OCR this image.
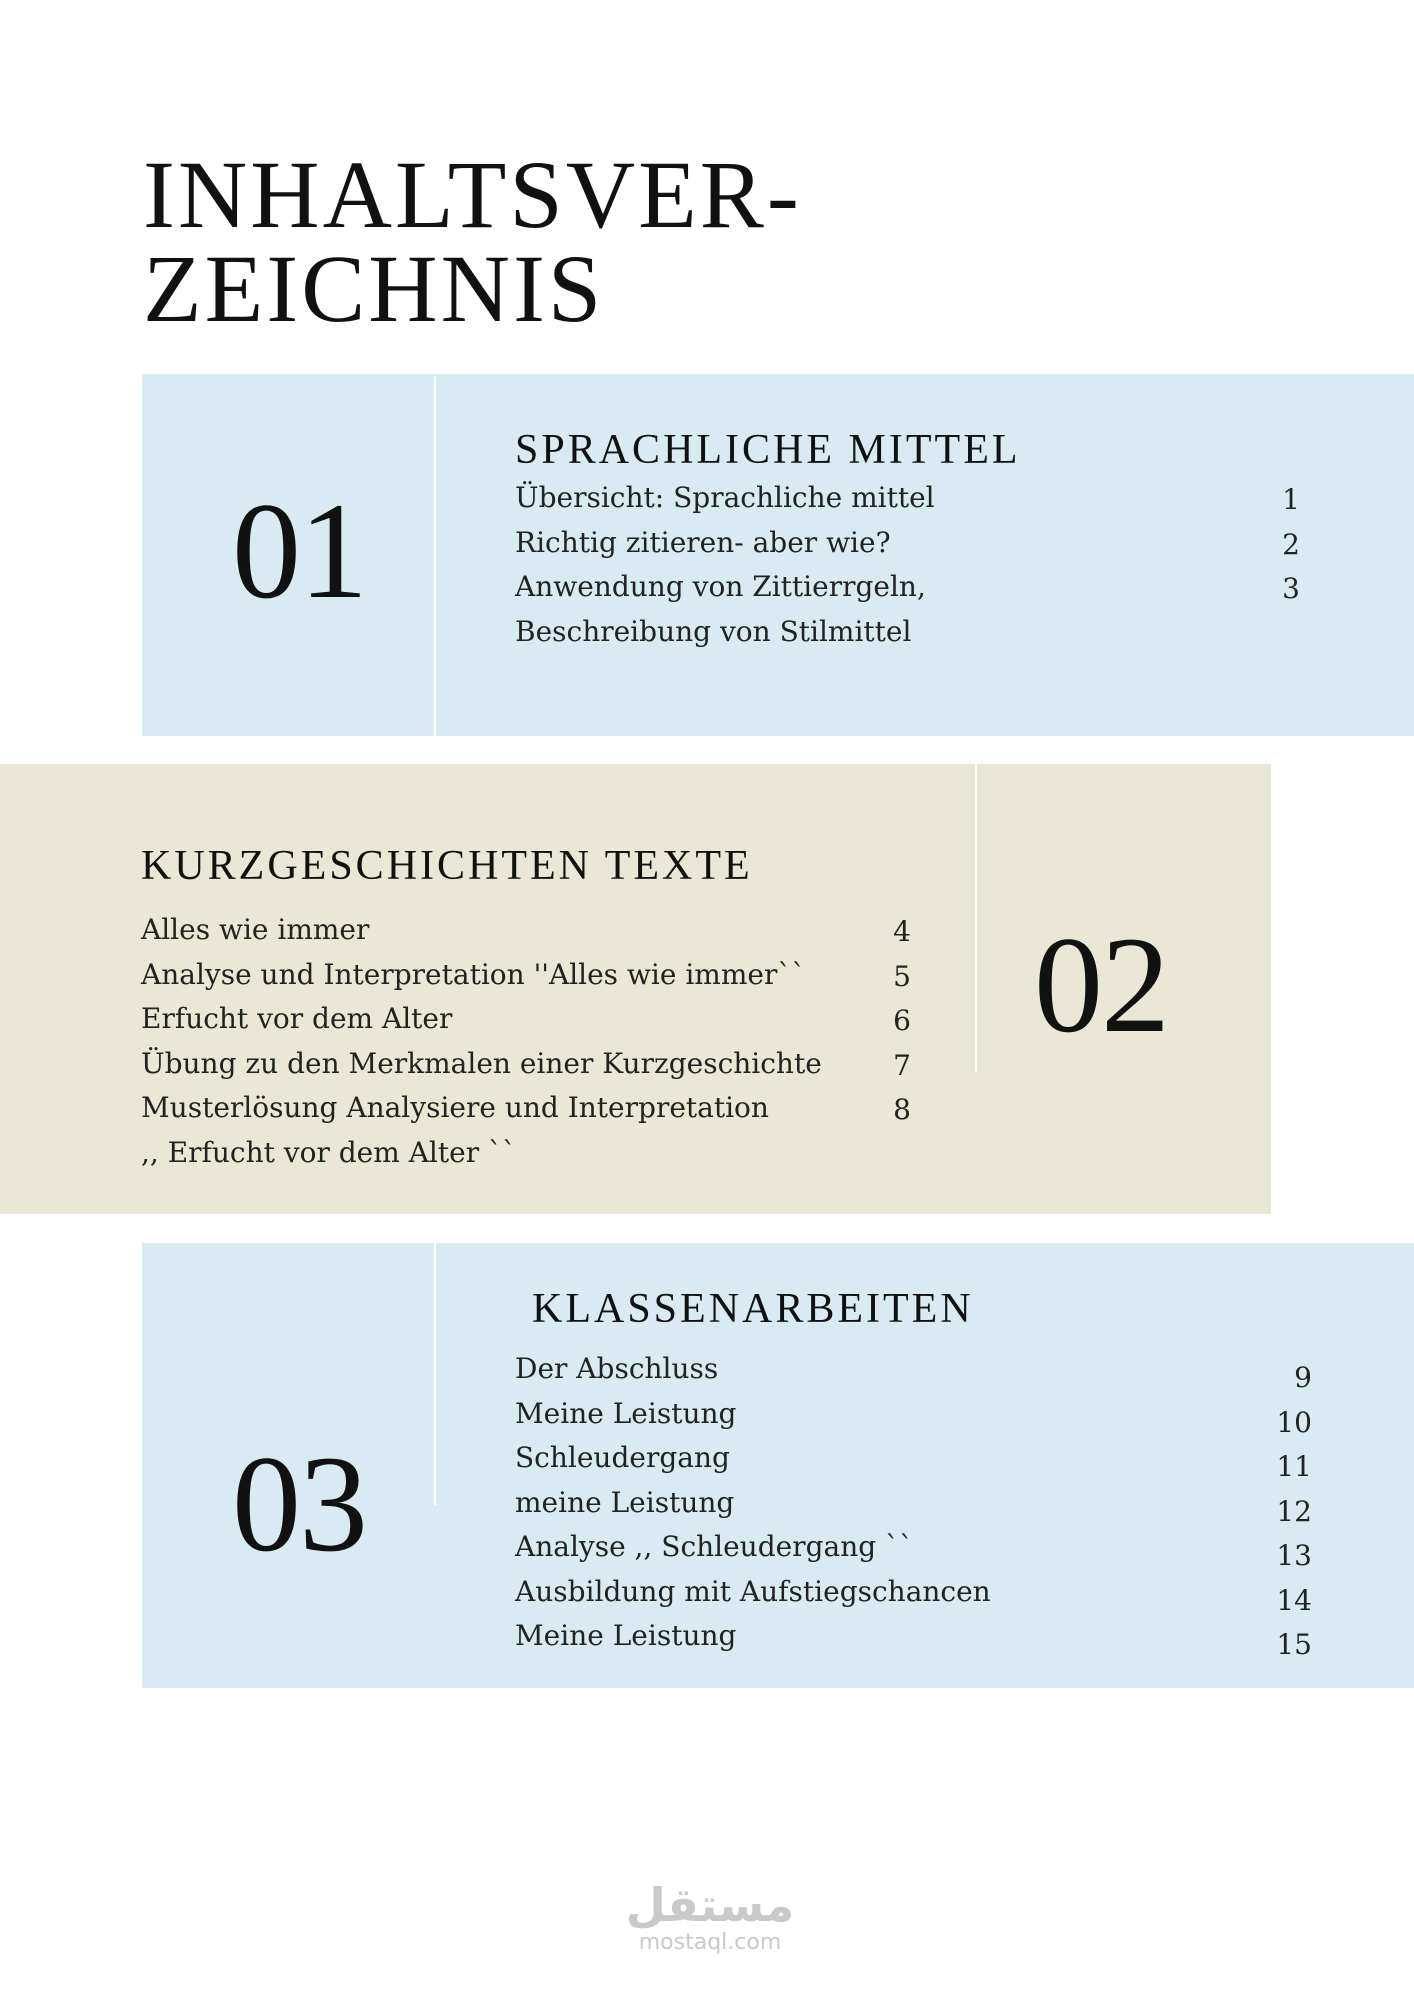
INHALTSVER-
ZEICHNIS
01
SPRACHLICHE MITTEL
Übersicht: Sprachliche mittel	1
Richtig zitieren- aber wie?	2
Anwendung von Zittierrgeln,	3
Beschreibung von Stilmittel
02
KURZGESCHICHTEN TEXTE
Alles wie immer	4
Analyse und Interpretation ''Alles wie immer``	5
Erfucht vor dem Alter	6
Übung zu den Merkmalen einer Kurzgeschichte	7
Musterlösung Analysiere und Interpretation	8
,, Erfucht vor dem Alter ``
03
KLASSENARBEITEN
Der Abschluss	9
Meine Leistung	10
Schleudergang	11
meine Leistung	12
Analyse ,, Schleudergang ``	13
Ausbildung mit Aufstiegschancen	14
Meine Leistung	15
مستقل
mostaql.com
